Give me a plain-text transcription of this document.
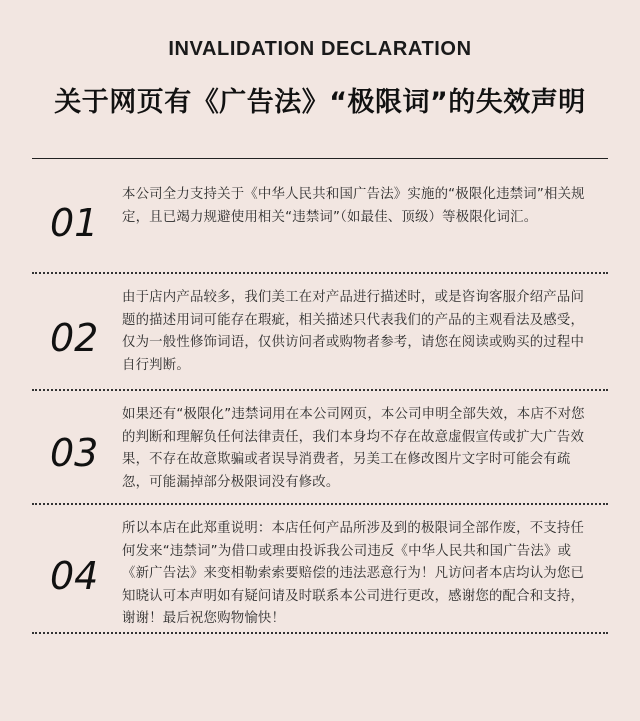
INVALIDATION DECLARATION
关于网页有《广告法》“极限词”的失效声明
01
本公司全力支持关于《中华人民共和国广告法》实施的“极限化违禁词”相关规定，且已竭力规避使用相关“违禁词”（如最佳、顶级）等极限化词汇。
02
由于店内产品较多，我们美工在对产品进行描述时，或是咨询客服介绍产品问题的描述用词可能存在瑕疵，相关描述只代表我们的产品的主观看法及感受，仅为一般性修饰词语，仅供访问者或购物者参考，请您在阅读或购买的过程中自行判断。
03
如果还有“极限化”违禁词用在本公司网页，本公司申明全部失效，本店不对您的判断和理解负任何法律责任，我们本身均不存在故意虚假宣传或扩大广告效果，不存在故意欺骗或者误导消费者，另美工在修改图片文字时可能会有疏忽，可能漏掉部分极限词没有修改。
04
所以本店在此郑重说明：本店任何产品所涉及到的极限词全部作废，不支持任何发来“违禁词”为借口或理由投诉我公司违反《中华人民共和国广告法》或《新广告法》来变相勒索索要赔偿的违法恶意行为！凡访问者本店均认为您已知晓认可本声明如有疑问请及时联系本公司进行更改，感谢您的配合和支持，谢谢！最后祝您购物愉快！
